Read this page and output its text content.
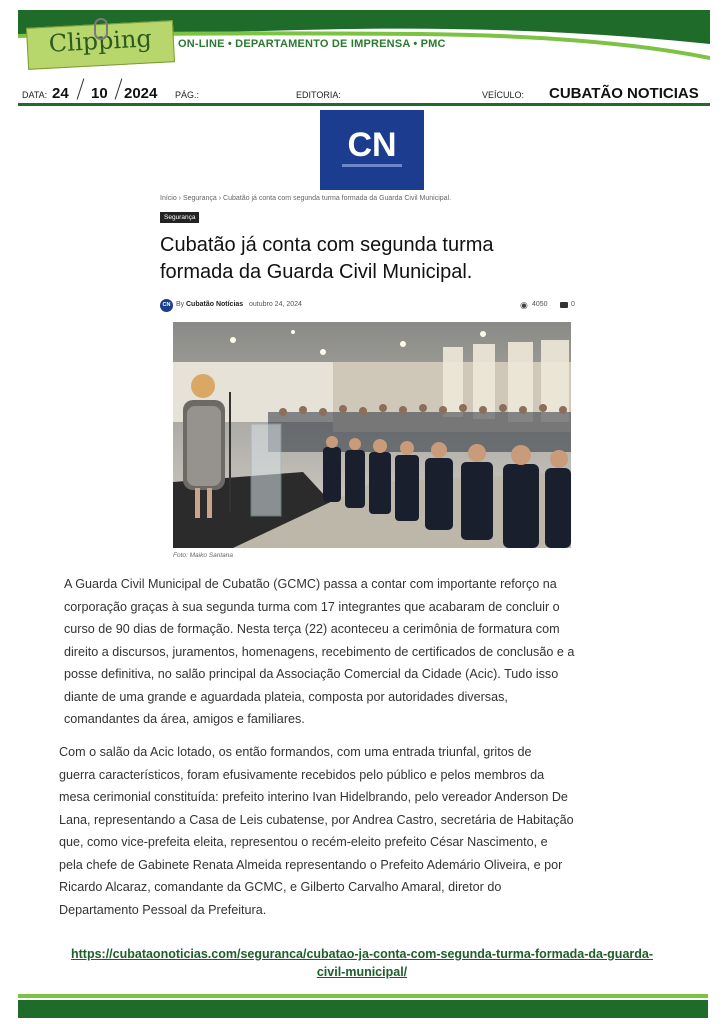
Clipping	ON-LINE • DEPARTAMENTO DE IMPRENSA • PMC
DATA: 24 10 2024 PÁG.:	EDITORIA:	VEÍCULO: CUBATÃO NOTICIAS
CN
Início › Segurança › Cubatão já conta com segunda turma formada da Guarda Civil Municipal.
Segurança
Cubatão já conta com segunda turma
formada da Guarda Civil Municipal.
CN By Cubatão Notícias outubro 24, 2024	◉ 4050	0
Foto: Maiko Santana
A Guarda Civil Municipal de Cubatão (GCMC) passa a contar com importante reforço na
corporação graças à sua segunda turma com 17 integrantes que acabaram de concluir o
curso de 90 dias de formação. Nesta terça (22) aconteceu a cerimônia de formatura com
direito a discursos, juramentos, homenagens, recebimento de certificados de conclusão e a
posse definitiva, no salão principal da Associação Comercial da Cidade (Acic). Tudo isso
diante de uma grande e aguardada plateia, composta por autoridades diversas,
comandantes da área, amigos e familiares.
Com o salão da Acic lotado, os então formandos, com uma entrada triunfal, gritos de
guerra característicos, foram efusivamente recebidos pelo público e pelos membros da
mesa cerimonial constituída: prefeito interino Ivan Hidelbrando, pelo vereador Anderson De
Lana, representando a Casa de Leis cubatense, por Andrea Castro, secretária de Habitação
que, como vice-prefeita eleita, representou o recém-eleito prefeito César Nascimento, e
pela chefe de Gabinete Renata Almeida representando o Prefeito Ademário Oliveira, e por
Ricardo Alcaraz, comandante da GCMC, e Gilberto Carvalho Amaral, diretor do
Departamento Pessoal da Prefeitura.
https://cubataonoticias.com/seguranca/cubatao-ja-conta-com-segunda-turma-formada-da-guarda-
civil-municipal/
